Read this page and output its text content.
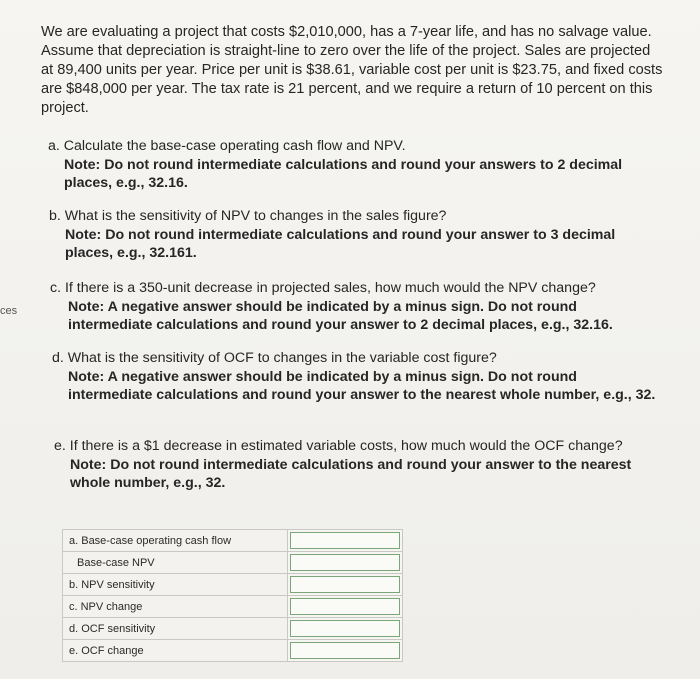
ces
We are evaluating a project that costs $2,010,000, has a 7-year life, and has no salvage value. Assume that depreciation is straight-line to zero over the life of the project. Sales are projected at 89,400 units per year. Price per unit is $38.61, variable cost per unit is $23.75, and fixed costs are $848,000 per year. The tax rate is 21 percent, and we require a return of 10 percent on this project.
a. Calculate the base-case operating cash flow and NPV.
Note: Do not round intermediate calculations and round your answers to 2 decimal places, e.g., 32.16.
b. What is the sensitivity of NPV to changes in the sales figure?
Note: Do not round intermediate calculations and round your answer to 3 decimal places, e.g., 32.161.
c. If there is a 350-unit decrease in projected sales, how much would the NPV change?
Note: A negative answer should be indicated by a minus sign. Do not round intermediate calculations and round your answer to 2 decimal places, e.g., 32.16.
d. What is the sensitivity of OCF to changes in the variable cost figure?
Note: A negative answer should be indicated by a minus sign. Do not round intermediate calculations and round your answer to the nearest whole number, e.g., 32.
e. If there is a $1 decrease in estimated variable costs, how much would the OCF change?
Note: Do not round intermediate calculations and round your answer to the nearest whole number, e.g., 32.
a. Base-case operating cash flow	
Base-case NPV	
b. NPV sensitivity	
c. NPV change	
d. OCF sensitivity	
e. OCF change	
